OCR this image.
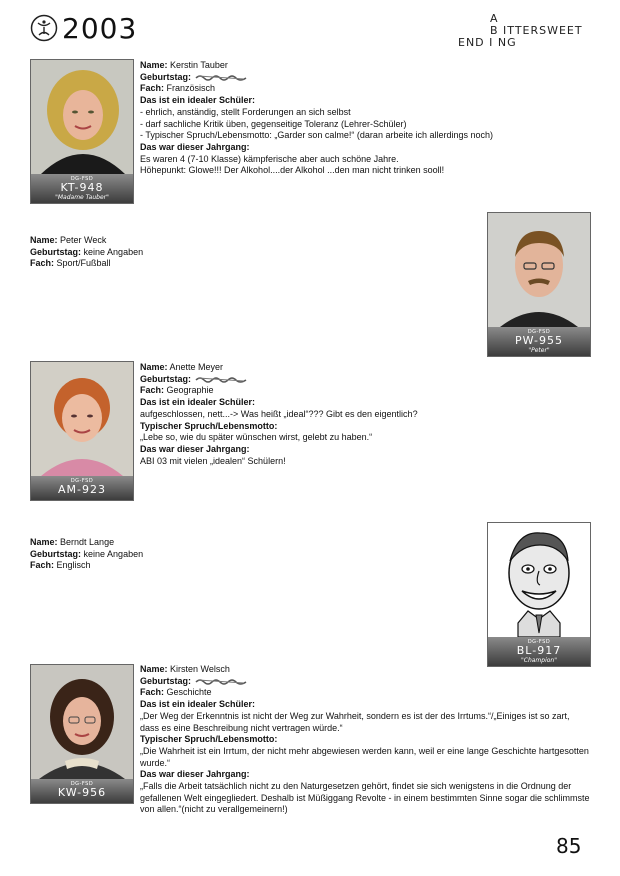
2003	A
B ITTERSWEET
END I NG
DG-FSD
KT-948
"Madame Tauber"
Name: Kerstin Tauber
Geburtstag:
Fach: Französisch
Das ist ein idealer Schüler:
- ehrlich, anständig, stellt Forderungen an sich selbst
- darf sachliche Kritik üben, gegenseitige Toleranz (Lehrer-Schüler)
- Typischer Spruch/Lebensmotto: „Garder son calme!“ (daran arbeite ich allerdings noch)
Das war dieser Jahrgang:
Es waren 4 (7-10 Klasse) kämpferische aber auch schöne Jahre.
Höhepunkt: Glowe!!! Der Alkohol....der Alkohol ...den man nicht trinken sooll!
Name: Peter Weck
Geburtstag: keine Angaben
Fach: Sport/Fußball
DG-FSD
PW-955
"Peter"
DG-FSD
AM-923
Name: Anette Meyer
Geburtstag:
Fach: Geographie
Das ist ein idealer Schüler:
aufgeschlossen, nett...-> Was heißt „ideal“??? Gibt es den eigentlich?
Typischer Spruch/Lebensmotto:
„Lebe so, wie du später wünschen wirst, gelebt zu haben.“
Das war dieser Jahrgang:
ABI 03 mit vielen „idealen“ Schülern!
Name: Berndt Lange
Geburtstag: keine Angaben
Fach: Englisch
DG-FSD
BL-917
"Champion"
DG-FSD
KW-956
Name: Kirsten Welsch
Geburtstag:
Fach: Geschichte
Das ist ein idealer Schüler:
„Der Weg der Erkenntnis ist nicht der Weg zur Wahrheit, sondern es ist der des Irrtums.“/„Einiges ist so zart, dass es eine Beschreibung nicht vertragen würde.“
Typischer Spruch/Lebensmotto:
„Die Wahrheit ist ein Irrtum, der nicht mehr abgewiesen werden kann, weil er eine lange Geschichte hartgesotten wurde.“
Das war dieser Jahrgang:
„Falls die Arbeit tatsächlich nicht zu den Naturgesetzen gehört, findet sie sich wenigstens in die Ordnung der gefallenen Welt eingegliedert. Deshalb ist Müßiggang Revolte - in einem bestimmten Sinne sogar die schlimmste von allen.“(nicht zu verallgemeinern!)
85
